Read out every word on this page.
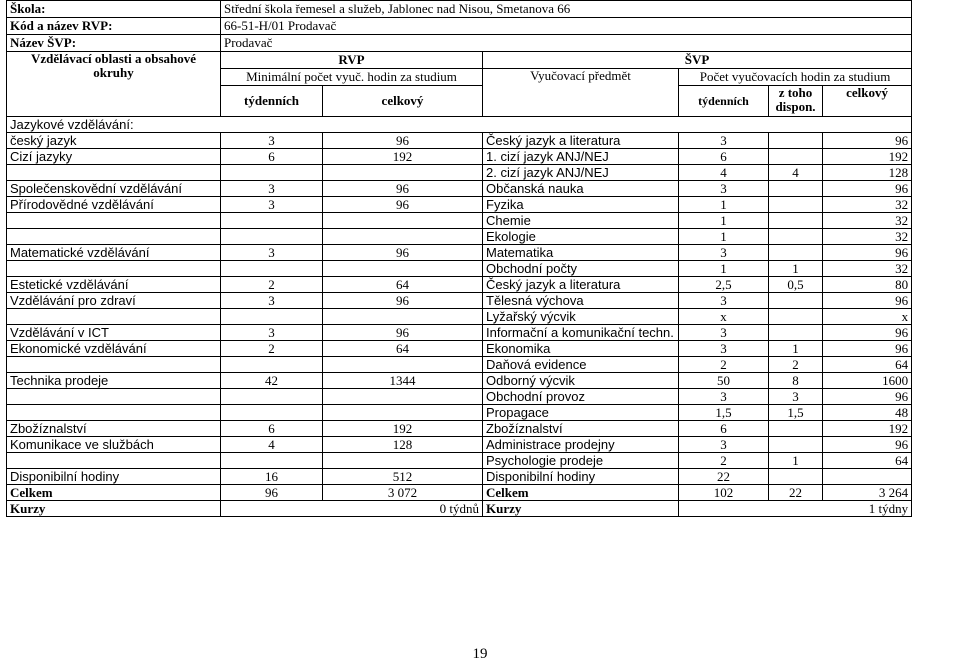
Škola:	Střední škola řemesel a služeb, Jablonec nad Nisou, Smetanova 66					
Kód a název RVP:	66-51-H/01 Prodavač					
Název ŠVP:	Prodavač					
Vzdělávací oblasti a obsahové okruhy	RVP		ŠVP			
	Minimální počet vyuč. hodin za studium		Vyučovací předmět	Počet vyučovacích hodin za studium		
	týdenních	celkový		týdenních	z toho dispon.	celkový
Jazykové vzdělávání:						
český jazyk	3	96	Český jazyk a literatura	3		96
Cizí jazyky	6	192	1. cizí jazyk ANJ/NEJ	6		192
			2. cizí jazyk ANJ/NEJ	4	4	128
Společenskovědní vzdělávání	3	96	Občanská nauka	3		96
Přírodovědné vzdělávání	3	96	Fyzika	1		32
			Chemie	1		32
			Ekologie	1		32
Matematické vzdělávání	3	96	Matematika	3		96
			Obchodní počty	1	1	32
Estetické vzdělávání	2	64	Český jazyk a literatura	2,5	0,5	80
Vzdělávání pro zdraví	3	96	Tělesná výchova	3		96
			Lyžařský výcvik	x		x
Vzdělávání v ICT	3	96	Informační a komunikační techn.	3		96
Ekonomické vzdělávání	2	64	Ekonomika	3	1	96
			Daňová evidence	2	2	64
Technika prodeje	42	1344	Odborný výcvik	50	8	1600
			Obchodní provoz	3	3	96
			Propagace	1,5	1,5	48
Zbožíznalství	6	192	Zbožíznalství	6		192
Komunikace ve službách	4	128	Administrace prodejny	3		96
			Psychologie prodeje	2	1	64
Disponibilní hodiny	16	512	Disponibilní hodiny	22		
Celkem	96	3 072	Celkem	102	22	3 264
Kurzy	0 týdnů		Kurzy	1 týdny		
19
